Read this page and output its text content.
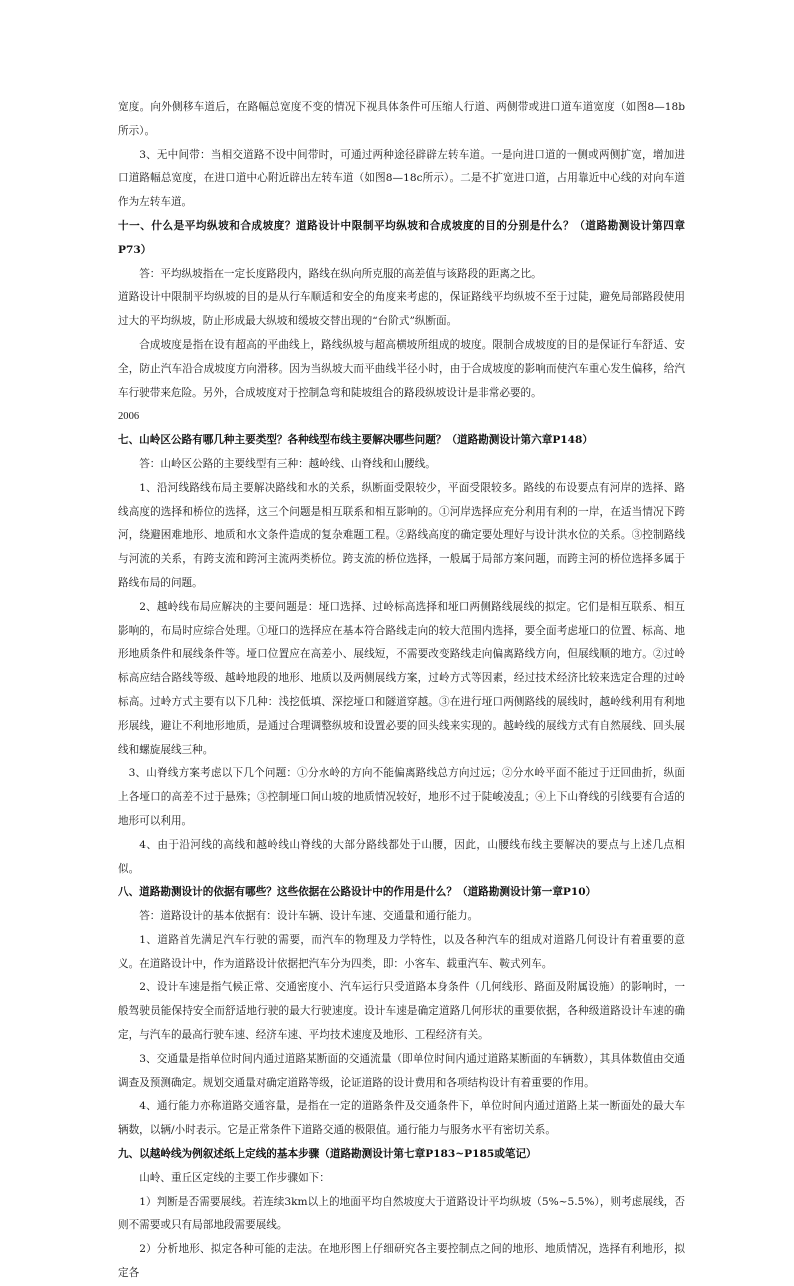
宽度。向外侧移车道后，在路幅总宽度不变的情况下视具体条件可压缩人行道、两侧带或进口道车道宽度（如图8—18b所示）。

3、无中间带：当相交道路不设中间带时，可通过两种途径辟辟左转车道。一是向进口道的一侧或两侧扩宽，增加进口道路幅总宽度，在进口道中心附近辟出左转车道（如图8—18c所示）。二是不扩宽进口道，占用靠近中心线的对向车道作为左转车道。

十一、什么是平均纵坡和合成坡度？道路设计中限制平均纵坡和合成坡度的目的分别是什么？（道路勘测设计第四章P73）

答：平均纵坡指在一定长度路段内，路线在纵向所克服的高差值与该路段的距离之比。

道路设计中限制平均纵坡的目的是从行车顺适和安全的角度来考虑的，保证路线平均纵坡不至于过陡，避免局部路段使用过大的平均纵坡，防止形成最大纵坡和缓坡交替出现的“台阶式”纵断面。

合成坡度是指在设有超高的平曲线上，路线纵坡与超高横坡所组成的坡度。限制合成坡度的目的是保证行车舒适、安全，防止汽车沿合成坡度方向滑移。因为当纵坡大而平曲线半径小时，由于合成坡度的影响而使汽车重心发生偏移，给汽车行驶带来危险。另外，合成坡度对于控制急弯和陡坡组合的路段纵坡设计是非常必要的。

2006

七、山岭区公路有哪几种主要类型？各种线型布线主要解决哪些问题？（道路勘测设计第六章P148）

答：山岭区公路的主要线型有三种：越岭线、山脊线和山腰线。

1、沿河线路线布局主要解决路线和水的关系，纵断面受限较少，平面受限较多。路线的布设要点有河岸的选择、路线高度的选择和桥位的选择，这三个问题是相互联系和相互影响的。①河岸选择应充分利用有利的一岸，在适当情况下跨河，绕避困难地形、地质和水文条件造成的复杂难题工程。②路线高度的确定要处理好与设计洪水位的关系。③控制路线与河流的关系，有跨支流和跨河主流两类桥位。跨支流的桥位选择，一般属于局部方案问题，而跨主河的桥位选择多属于路线布局的问题。

2、越岭线布局应解决的主要问题是：垭口选择、过岭标高选择和垭口两侧路线展线的拟定。它们是相互联系、相互影响的，布局时应综合处理。①垭口的选择应在基本符合路线走向的较大范围内选择，要全面考虑垭口的位置、标高、地形地质条件和展线条件等。垭口位置应在高差小、展线短，不需要改变路线走向偏离路线方向，但展线顺的地方。②过岭标高应结合路线等级、越岭地段的地形、地质以及两侧展线方案，过岭方式等因素，经过技术经济比较来选定合理的过岭标高。过岭方式主要有以下几种：浅挖低填、深挖垭口和隧道穿越。③在进行垭口两侧路线的展线时，越岭线利用有利地形展线，避让不利地形地质，是通过合理调整纵坡和设置必要的回头线来实现的。越岭线的展线方式有自然展线、回头展线和螺旋展线三种。

3、山脊线方案考虑以下几个问题：①分水岭的方向不能偏离路线总方向过远；②分水岭平面不能过于迂回曲折，纵面上各垭口的高差不过于悬殊；③控制垭口间山坡的地质情况较好，地形不过于陡峻凌乱；④上下山脊线的引线要有合适的地形可以利用。

4、由于沿河线的高线和越岭线山脊线的大部分路线都处于山腰，因此，山腰线布线主要解决的要点与上述几点相似。

八、道路勘测设计的依据有哪些？这些依据在公路设计中的作用是什么？（道路勘测设计第一章P10）

答：道路设计的基本依据有：设计车辆、设计车速、交通量和通行能力。

1、道路首先满足汽车行驶的需要，而汽车的物理及力学特性，以及各种汽车的组成对道路几何设计有着重要的意义。在道路设计中，作为道路设计依据把汽车分为四类，即：小客车、载重汽车、鞍式列车。

2、设计车速是指气候正常、交通密度小、汽车运行只受道路本身条件（几何线形、路面及附属设施）的影响时，一般驾驶员能保持安全而舒适地行驶的最大行驶速度。设计车速是确定道路几何形状的重要依据，各种级道路设计车速的确定，与汽车的最高行驶车速、经济车速、平均技术速度及地形、工程经济有关。

3、交通量是指单位时间内通过道路某断面的交通流量（即单位时间内通过道路某断面的车辆数），其具体数值由交通调查及预测确定。规划交通量对确定道路等级，论证道路的设计费用和各项结构设计有着重要的作用。

4、通行能力亦称道路交通容量，是指在一定的道路条件及交通条件下，单位时间内通过道路上某一断面处的最大车辆数，以辆/小时表示。它是正常条件下道路交通的极限值。通行能力与服务水平有密切关系。

九、以越岭线为例叙述纸上定线的基本步骤（道路勘测设计第七章P183~P185或笔记）

山岭、重丘区定线的主要工作步骤如下：

1）判断是否需要展线。若连续3km以上的地面平均自然坡度大于道路设计平均纵坡（5%~5.5%），则考虑展线，否则不需要或只有局部地段需要展线。

2）分析地形、拟定各种可能的走法。在地形图上仔细研究各主要控制点之间的地形、地质情况，选择有利地形，拟定各
